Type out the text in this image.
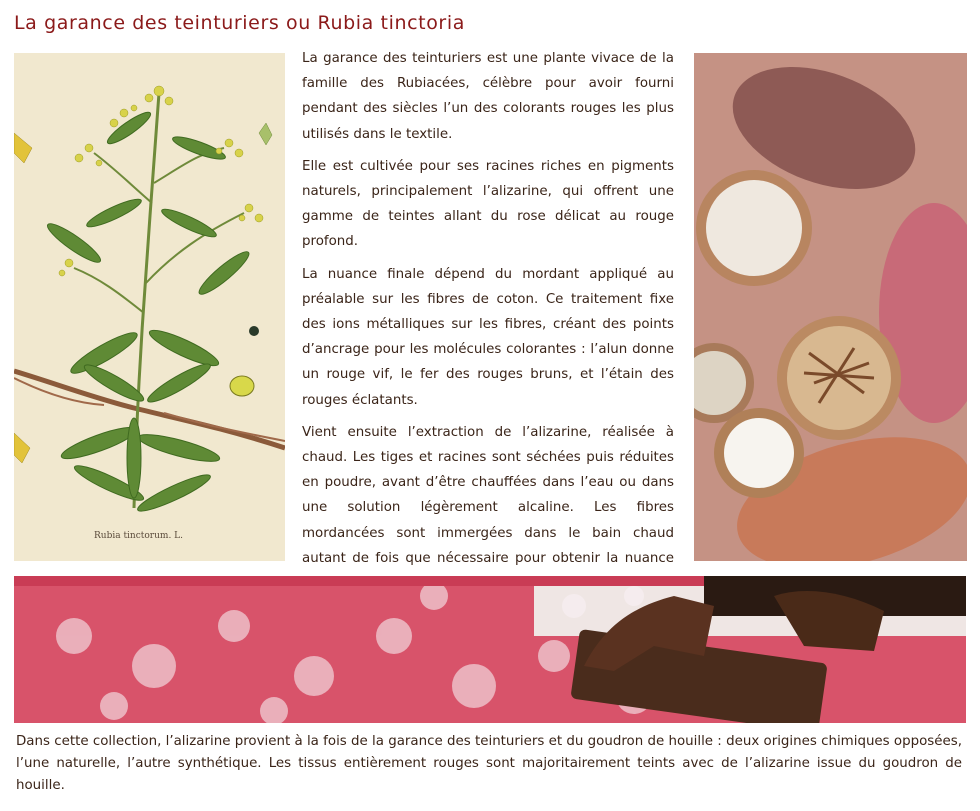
La garance des teinturiers ou Rubia tinctoria
Rubia tinctorum. L.

La garance des teinturiers est une plante vivace de la famille des Rubiacées, célèbre pour avoir fourni pendant des siècles l’un des colorants rouges les plus utilisés dans le textile.

Elle est cultivée pour ses racines riches en pigments naturels, principalement l’alizarine, qui offrent une gamme de teintes allant du rose délicat au rouge profond.

La nuance finale dépend du mordant appliqué au préalable sur les fibres de coton. Ce traitement fixe des ions métalliques sur les fibres, créant des points d’ancrage pour les molécules colorantes : l’alun donne un rouge vif, le fer des rouges bruns, et l’étain des rouges éclatants.

Vient ensuite l’extraction de l’alizarine, réalisée à chaud. Les tiges et racines sont séchées puis réduites en poudre, avant d’être chauffées dans l’eau ou dans une solution légèrement alcaline. Les fibres mordancées sont immergées dans le bain chaud autant de fois que nécessaire pour obtenir la nuance

Dans cette collection, l’alizarine provient à la fois de la garance des teinturiers et du goudron de houille : deux origines chimiques opposées, l’une naturelle, l’autre synthétique. Les tissus entièrement rouges sont majoritairement teints avec de l’alizarine issue du goudron de houille.
